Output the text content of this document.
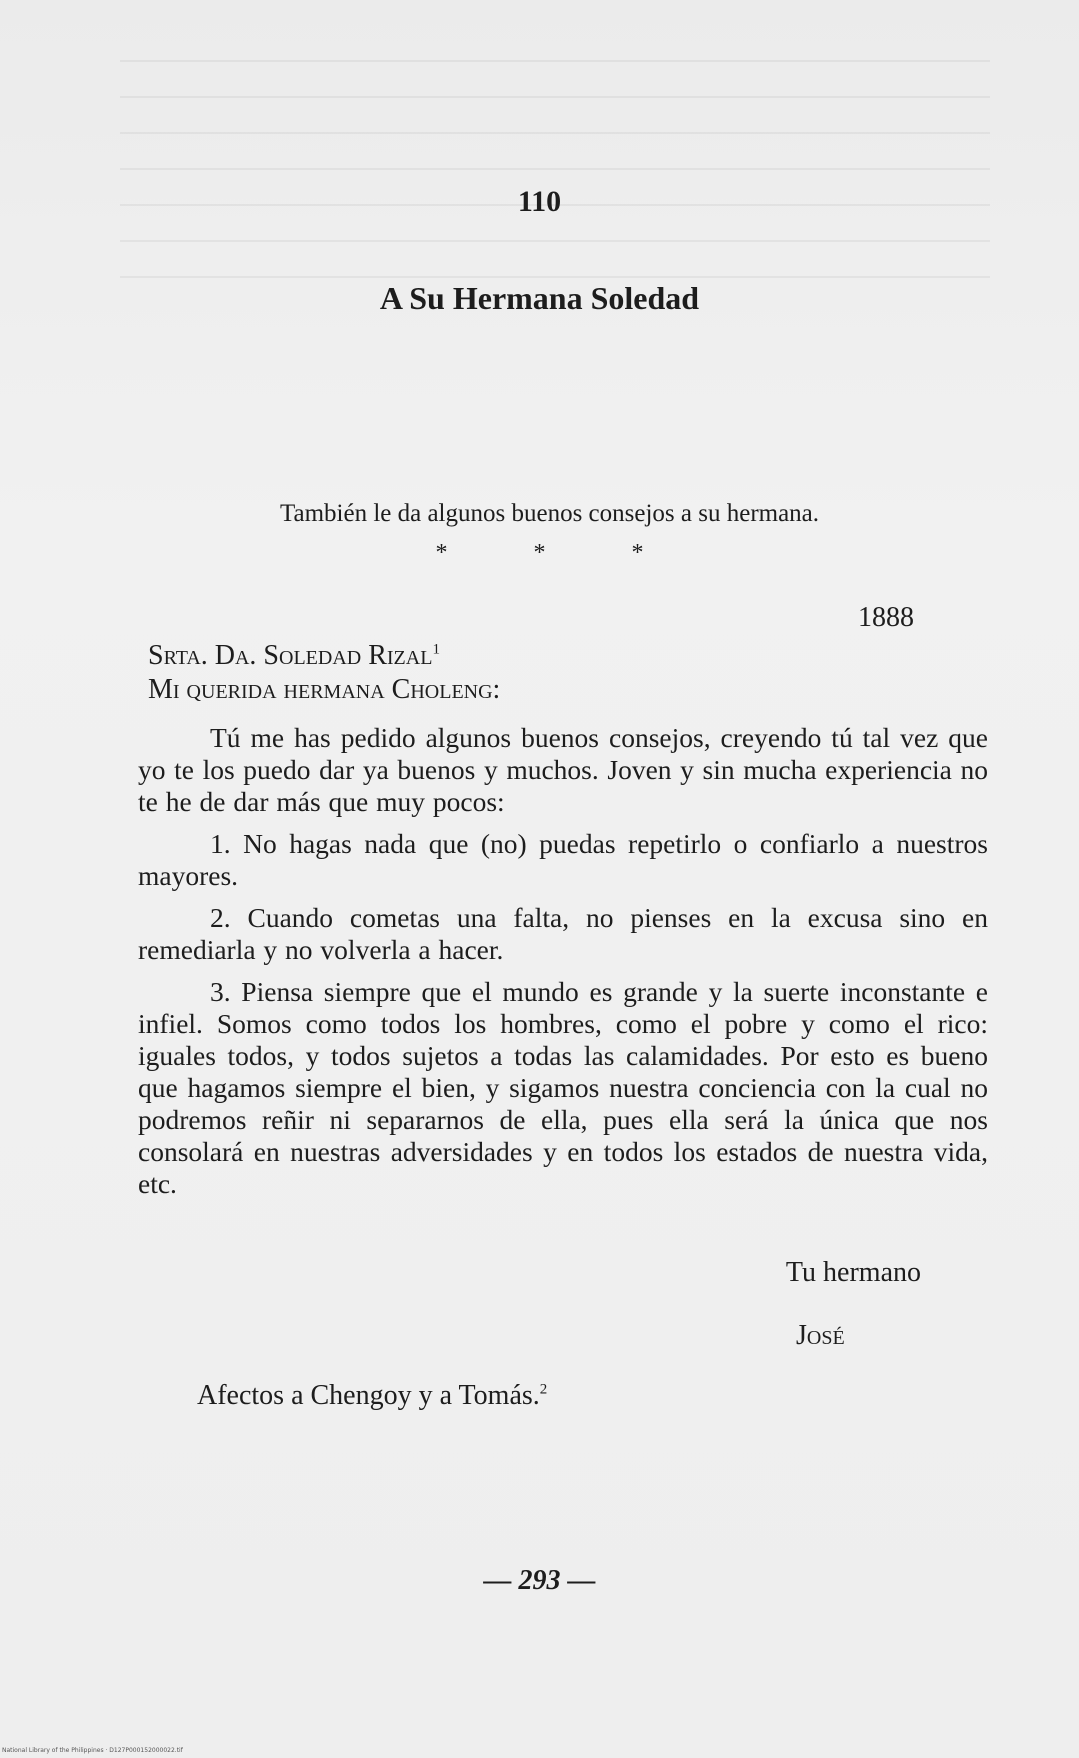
110
A Su Hermana Soledad
También le da algunos buenos consejos a su hermana.
* * *
1888
Srta. Da. Soledad Rizal$^1$
Mi querida hermana Choleng:

Tú me has pedido algunos buenos consejos, creyendo tú tal vez que yo te los puedo dar ya buenos y muchos. Joven y sin mucha experiencia no te he de dar más que muy pocos:

1. No hagas nada que (no) puedas repetirlo o confiarlo a nuestros mayores.

2. Cuando cometas una falta, no pienses en la excusa sino en remediarla y no volverla a hacer.

3. Piensa siempre que el mundo es grande y la suerte inconstante e infiel. Somos como todos los hombres, como el pobre y como el rico: iguales todos, y todos sujetos a todas las calamidades. Por esto es bueno que hagamos siempre el bien, y sigamos nuestra conciencia con la cual no podremos reñir ni separarnos de ella, pues ella será la única que nos consolará en nuestras adversidades y en todos los estados de nuestra vida, etc.

Tu hermano
José
Afectos a Chengoy y a Tomás.$^2$
— 293 —
National Library of the Philippines · D127P000152000022.tif
